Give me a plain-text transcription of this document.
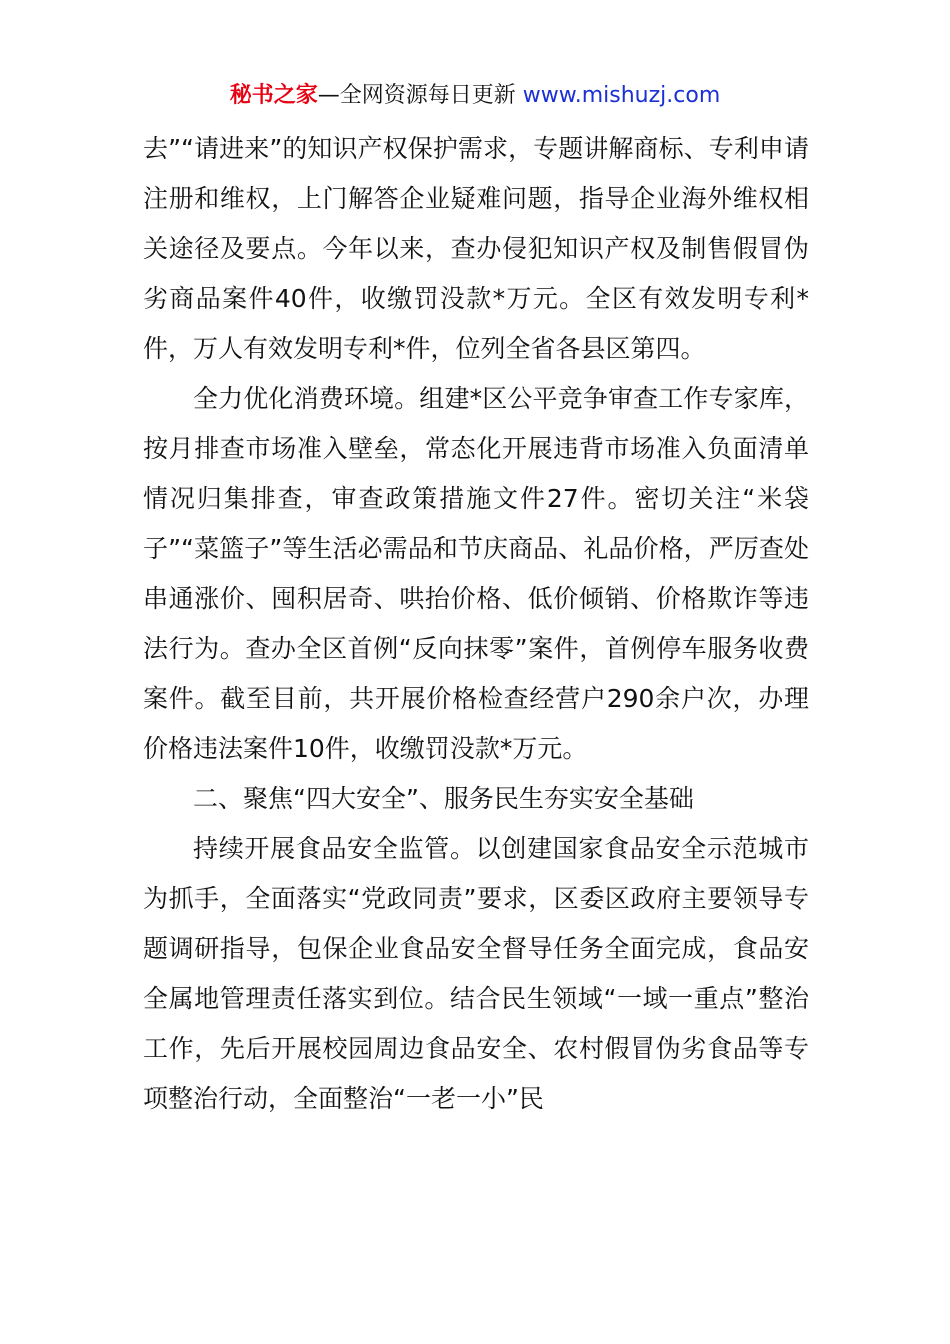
秘书之家—全网资源每日更新 www.mishuzj.com

去”“请进来”的知识产权保护需求，专题讲解商标、专利申请注册和维权，上门解答企业疑难问题，指导企业海外维权相关途径及要点。今年以来，查办侵犯知识产权及制售假冒伪劣商品案件40件，收缴罚没款*万元。全区有效发明专利*件，万人有效发明专利*件，位列全省各县区第四。

全力优化消费环境。组建*区公平竞争审查工作专家库，按月排查市场准入壁垒，常态化开展违背市场准入负面清单情况归集排查，审查政策措施文件27件。密切关注“米袋子”“菜篮子”等生活必需品和节庆商品、礼品价格，严厉查处串通涨价、囤积居奇、哄抬价格、低价倾销、价格欺诈等违法行为。查办全区首例“反向抹零”案件，首例停车服务收费案件。截至目前，共开展价格检查经营户290余户次，办理价格违法案件10件，收缴罚没款*万元。

二、聚焦“四大安全”、服务民生夯实安全基础

持续开展食品安全监管。以创建国家食品安全示范城市为抓手，全面落实“党政同责”要求，区委区政府主要领导专题调研指导，包保企业食品安全督导任务全面完成，食品安全属地管理责任落实到位。结合民生领域“一域一重点”整治工作，先后开展校园周边食品安全、农村假冒伪劣食品等专项整治行动，全面整治“一老一小”民
